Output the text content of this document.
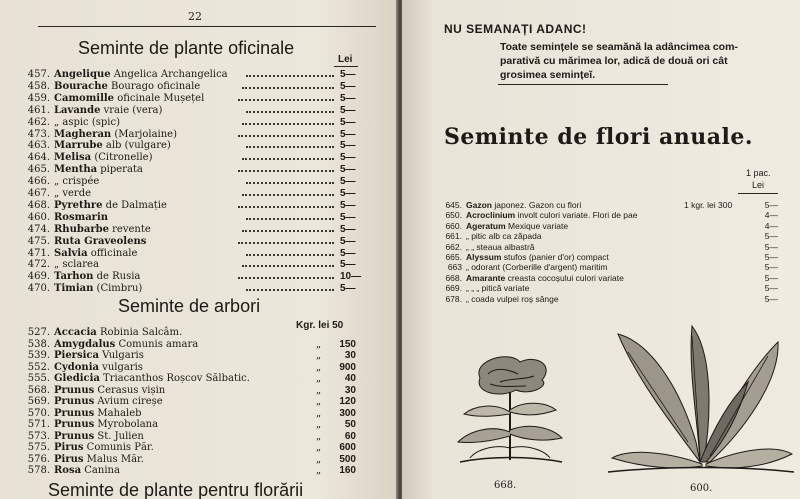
22
Seminte de plante oficinale
Lei
457. Angelique Angelica Archangelica	5—
458. Bourache Bourago oficinale	5—
459. Camomille oficinale Mușețel	5—
461. Lavande vraie (vera)	5—
462. „ aspic (spic)	5—
473. Magheran (Marjolaine)	5—
463. Marrube alb (vulgare)	5—
464. Melisa (Citronelle)	5—
465. Mentha piperata	5—
466. „ crispée	5—
467. „ verde	5—
468. Pyrethre de Dalmație	5—
460. Rosmarin	5—
474. Rhubarbe revente	5—
475. Ruta Graveolens	5—
471. Salvia officinale	5—
472. „ sclarea	5—
469. Tarhon de Rusia	10—
470. Timian (Cimbru)	5—
Seminte de arbori
Kgr. lei 50
527. Accacia Robinia Salcâm.
538. Amygdalus Comunis amara	„ 150
539. Piersica Vulgaris	„ 30
552. Cydonia vulgaris	„ 900
555. Gledicia Triacanthos Roșcov Sălbatic.	„ 40
568. Prunus Cerasus vișin	„ 30
569. Prunus Avium cireșe	„ 120
570. Prunus Mahaleb	„ 300
571. Prunus Myrobolana	„ 50
573. Prunus St. Julien	„ 60
575. Pirus Comunis Păr.	„ 600
576. Pirus Malus Măr.	„ 500
578. Rosa Canina	„ 160
Seminte de plante pentru florării
NU SEMANAȚI ADANC!
Toate semințele se seamănă la adâncimea com-
parativă cu mărimea lor, adică de două ori cât
grosimea semințeĭ.
Seminte de flori anuale.
1 pac.
Lei
645. Gazon japonez. Gazon cu flori	1 kgr. lei 300	5—
650. Acroclinium involt culori variate. Flori de pae	4—
660. Ageratum Mexique variate	4—
661. „ pitic alb ca zăpada	5—
662. „ „ steaua albastră	5—
665. Alyssum stufos (panier d'or) compact	5—
663 „ odorant (Corberille d'argent) maritim	5—
668. Amarante creasta cocoșului culori variate	5—
669. „ „ „ pitică variate	5—
678. „ coada vulpei roș sânge	5—
668.	600.
